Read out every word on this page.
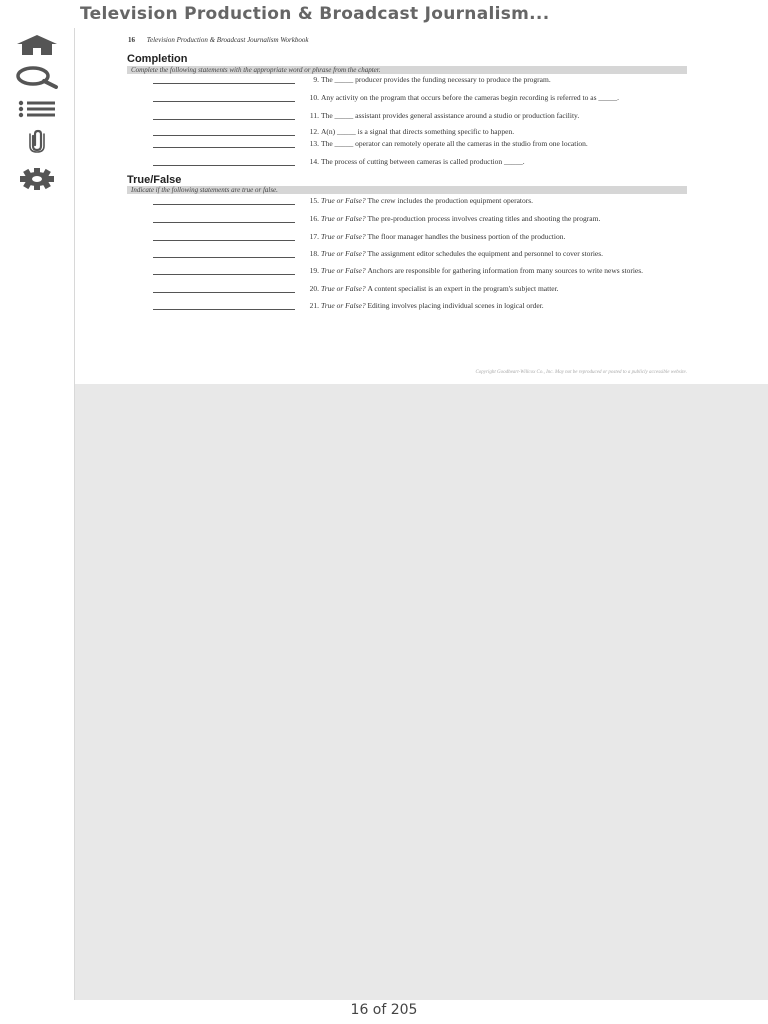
Television Production & Broadcast Journalism...
16 Television Production & Broadcast Journalism Workbook
Completion
Complete the following statements with the appropriate word or phrase from the chapter.
9. The _____ producer provides the funding necessary to produce the program.
10. Any activity on the program that occurs before the cameras begin recording is referred to as _____.
11. The _____ assistant provides general assistance around a studio or production facility.
12. A(n) _____ is a signal that directs something specific to happen.
13. The _____ operator can remotely operate all the cameras in the studio from one location.
14. The process of cutting between cameras is called production _____.
True/False
Indicate if the following statements are true or false.
15. True or False? The crew includes the production equipment operators.
16. True or False? The pre-production process involves creating titles and shooting the program.
17. True or False? The floor manager handles the business portion of the production.
18. True or False? The assignment editor schedules the equipment and personnel to cover stories.
19. True or False? Anchors are responsible for gathering information from many sources to write news stories.
20. True or False? A content specialist is an expert in the program's subject matter.
21. True or False? Editing involves placing individual scenes in logical order.
Copyright Goodheart-Willcox Co., Inc. May not be reproduced or posted to a publicly accessible website.
16 of 205
